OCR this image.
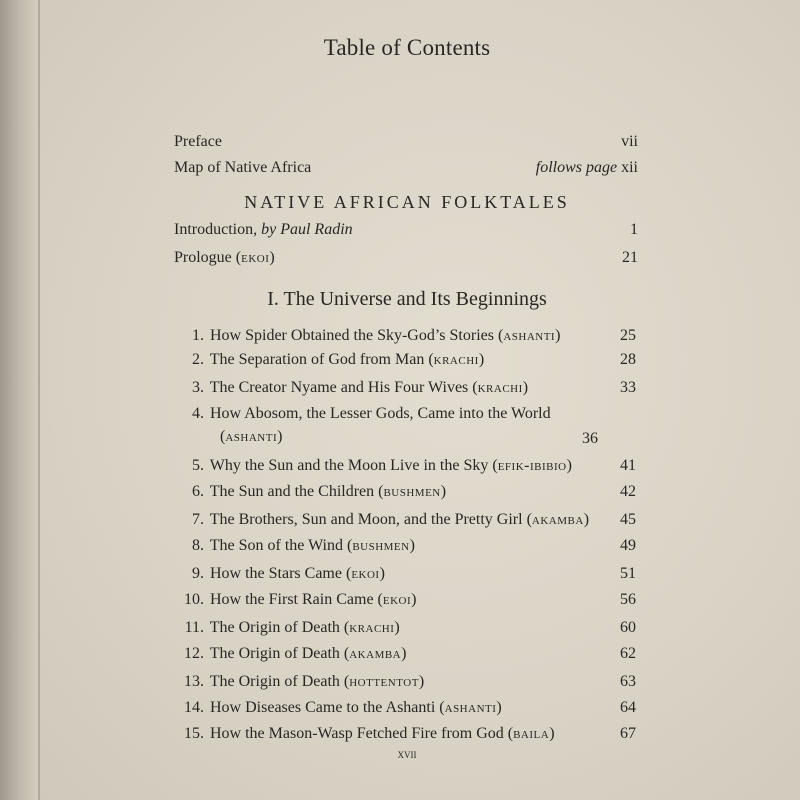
Table of Contents
Preface	vii
Map of Native Africa	follows page xii
NATIVE AFRICAN FOLKTALES
Introduction, by Paul Radin	1
Prologue (ekoi)	21
I. The Universe and Its Beginnings
1. How Spider Obtained the Sky-God’s Stories (ashanti)	25
2. The Separation of God from Man (krachi)	28
3. The Creator Nyame and His Four Wives (krachi)	33
4. How Abosom, the Lesser Gods, Came into the World
(ashanti)	36
5. Why the Sun and the Moon Live in the Sky (efik-ibibio)	41
6. The Sun and the Children (bushmen)	42
7. The Brothers, Sun and Moon, and the Pretty Girl (akamba) 45
8. The Son of the Wind (bushmen)	49
9. How the Stars Came (ekoi)	51
10. How the First Rain Came (ekoi)	56
11. The Origin of Death (krachi)	60
12. The Origin of Death (akamba)	62
13. The Origin of Death (hottentot)	63
14. How Diseases Came to the Ashanti (ashanti)	64
15. How the Mason-Wasp Fetched Fire from God (baila)	67
xvii
